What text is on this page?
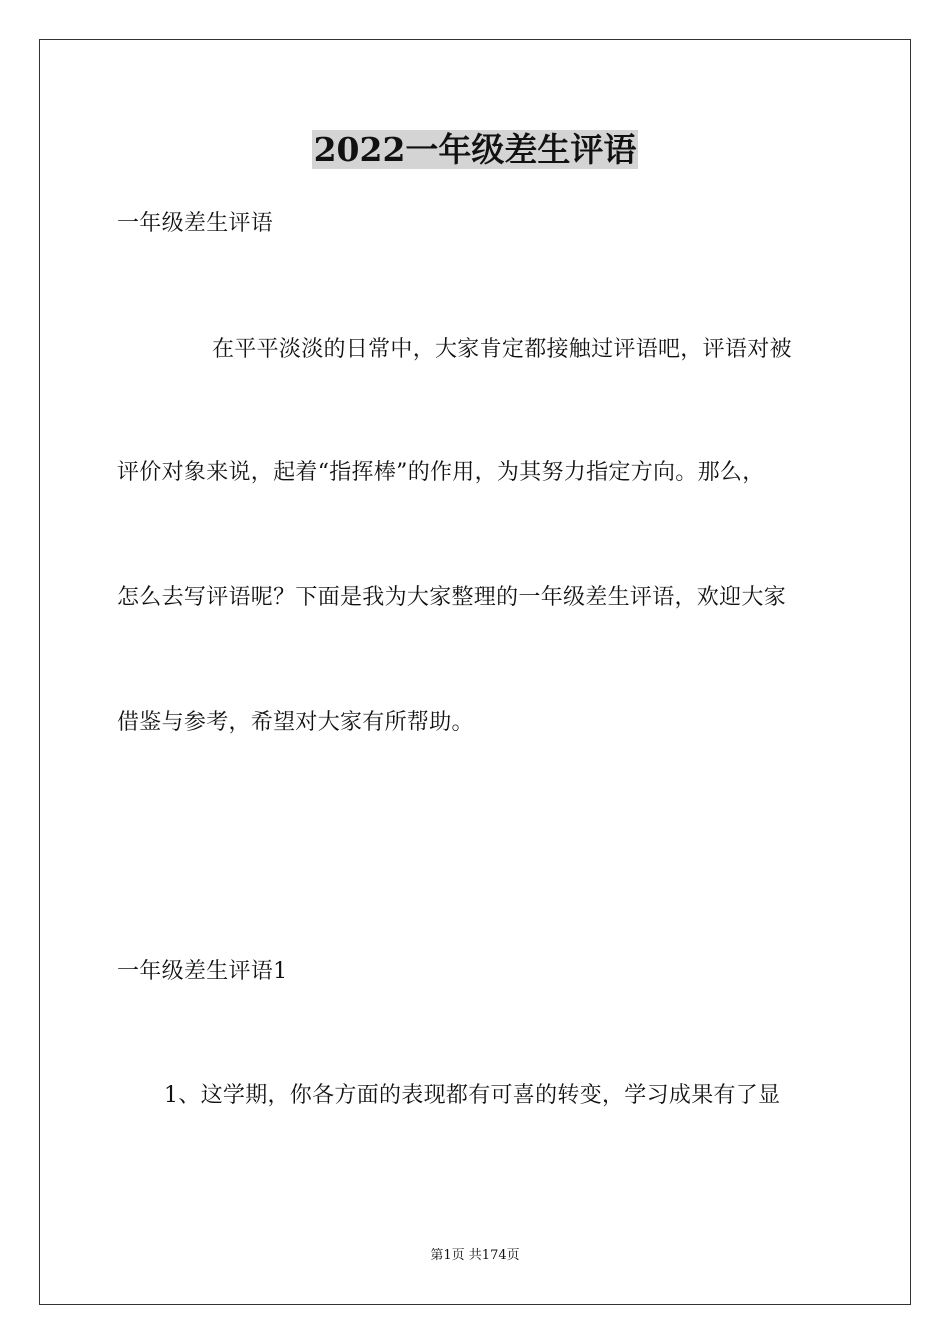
2022一年级差生评语
一年级差生评语
在平平淡淡的日常中，大家肯定都接触过评语吧，评语对被
评价对象来说，起着“指挥棒”的作用，为其努力指定方向。那么，
怎么去写评语呢？下面是我为大家整理的一年级差生评语，欢迎大家
借鉴与参考，希望对大家有所帮助。
一年级差生评语1
1、这学期，你各方面的表现都有可喜的转变，学习成果有了显
第1页 共174页
